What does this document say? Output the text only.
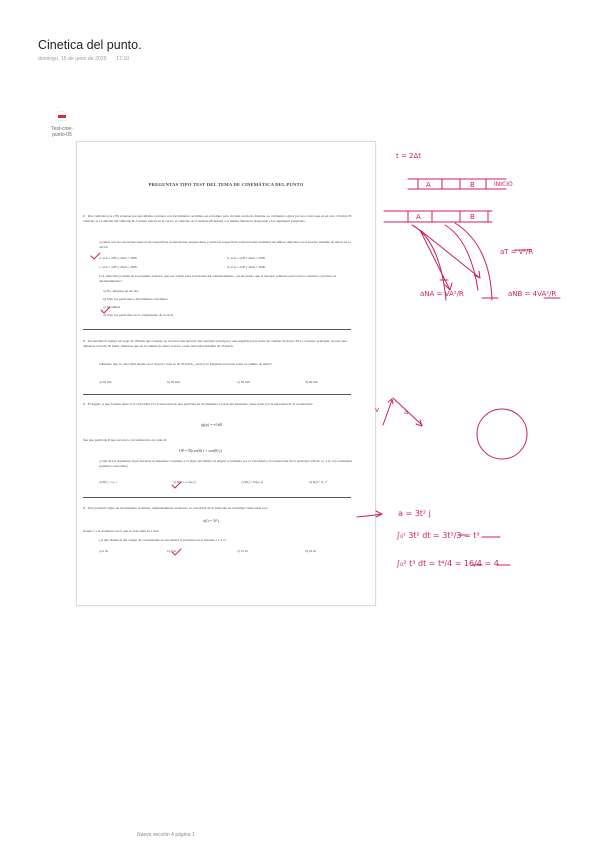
Cinetica del punto.
domingo, 15 de junio de 2025 17:10
Test-cine-punto-05
PREGUNTAS TIPO TEST DEL TEMA DE CINEMÁTICA DEL PUNTO
1 Dos vehículos (A y B) avanzan por una misma carretera con movimiento rectilíneo en el tiempo para circular en modo distante, se comienza a girar por una curva que es un arco circular. El vehículo A va delante del vehículo B. Cuando entran en la curva, el vehículo A va delante (B detrás) a la misma distancia. Responde a las siguientes preguntas.
¿Cuáles son las relaciones entre el las respectivas aceleraciones tangenciales y entre las respectivas aceleraciones normales de ambos vehículos en el preciso instante de entrar en la curva?
a. aτA = aτB y aNA < aNB	b. aτA = aτB y aNA = aNB
c. aτA < aτB y aNA = aNB	d. aτA = aτB y aNA > aNB
Los vehículos podrían en la pregunta anterior, que ese válido para el instante del adelantamiento, ¿es necesario que el derrape vehículo pare toda la carretera o produce el adelantamiento?
a) No, ninguna de las dos
b) Sólo las partículas a movimiento curvilíneo
c) Sí, ambas
d) Sólo las partículas en la componente de la recta
2 Un automóvil realiza un viaje de 100 km que consiste en recorrer una autovía una carretera principal y una segunda parte sobre un camino de tierra. En la carretera principal, recorre una distancia total de 50 km/h, mientras que en el camino de tierra lo hace a una velocidad máxima de 25 km/h.
Sabiendo que la velocidad media en el trayecto total es de 35 km/h, ¿cuál es la longitud recorrida sobre el camino de tierra?
a) 10 km	b) 20 km	c) 30 km	d) 40 km
3 El ángulo φ que forman entre sí la velocidad y la aceleración de una partícula en movimiento a partir del momento viene dado por la expresión de la aceleración:
tg(φ) = v²/aR
Sea una partícula P que recorre la circunferencia de radio R
OP = R(cos(θ) i + sen(θ) j)
¿Cuál de las siguientes leyes horarias se mantiene constante a lo largo del tiempo el ángulo φ formado por la velocidad y la aceleración de la partícula? (Nota: ω₀ y θ₀ son constantes positivas conocidas)
a) θ(t) = ω₀ t	b) θ(t) = e^(ω₀t)	c) θ(t) = ln(ω₀t)	d) θ(t) = θ₀ t²
4 Una partícula sigue un movimiento rectilíneo uniformemente acelerado, la velocidad de la partícula en el tiempo viene dada por:
a(t) = 3t² j
siendo 1 s el momento en el que la velocidad es 1 m/s.
¿A qué distancia del origen de coordenadas se encontrará la partícula en el instante t = 2 s?
a) 2 m	b) 4 m	c) 12 m	d) 16 m
t = 2Δt
A	B	INICIO
A	B
aT = v²/R
aNA = VA²/R	aNB = 4VA²/R
v	a
a = 3t² j
∫₀ᵗ 3t² dt = 3t³/3 = t³
∫₀² t³ dt = t⁴/4 = 16/4 = 4
Nueva sección 4 página 1
